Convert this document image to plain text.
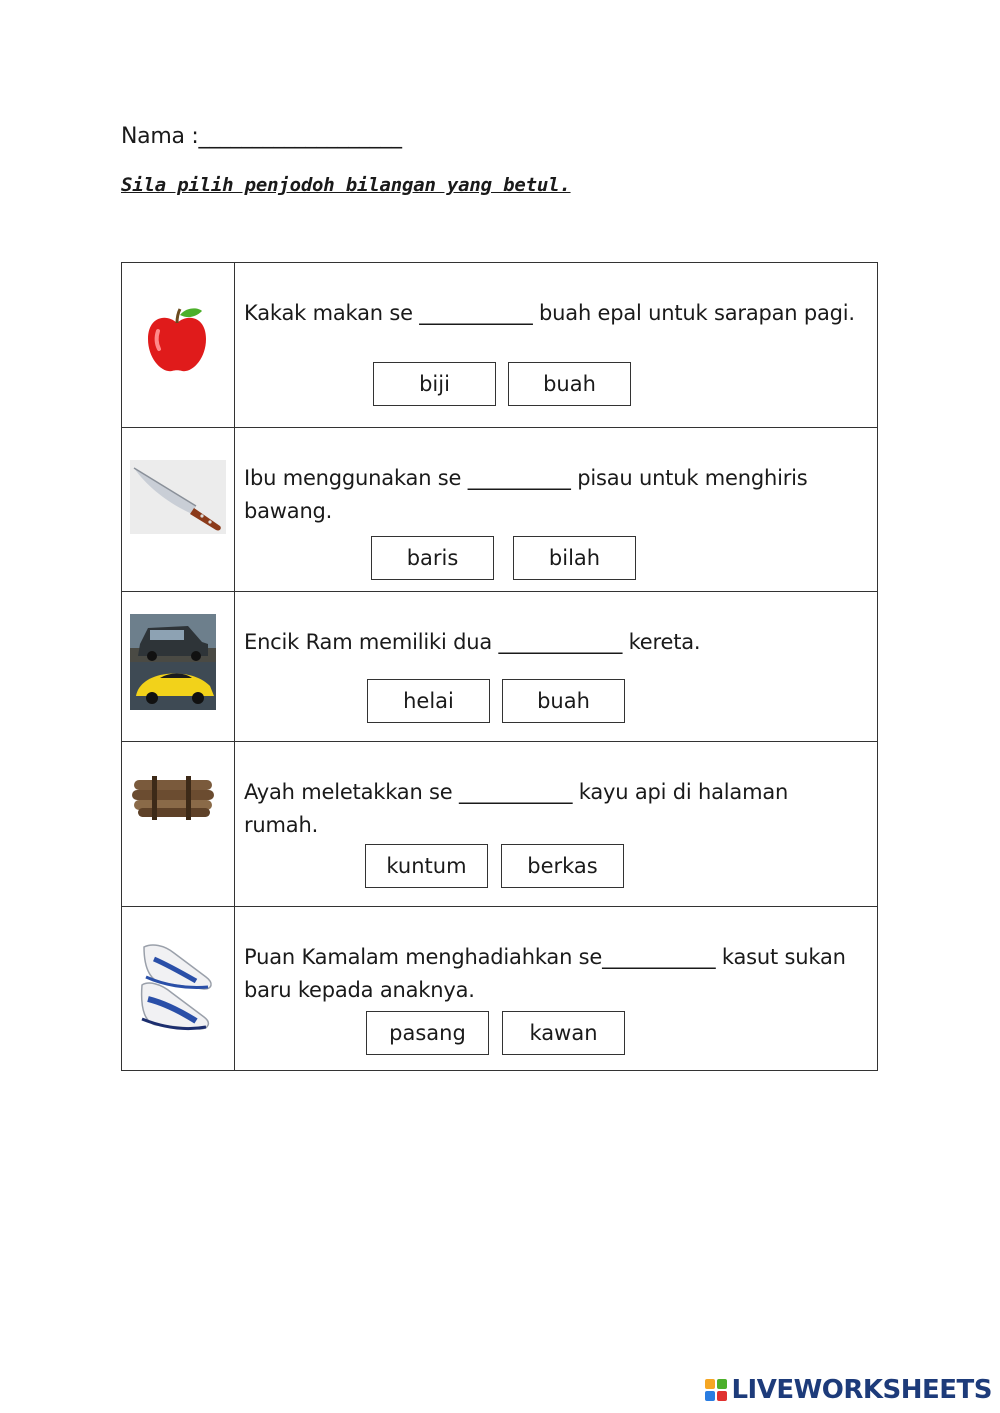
Nama :___________________
Sila pilih penjodoh bilangan yang betul.

Kakak makan se ___________ buah epal untuk sarapan pagi.
biji buah

Ibu menggunakan se __________ pisau untuk menghiris bawang.
baris bilah

Encik Ram memiliki dua ____________ kereta.
helai buah

Ayah meletakkan se ___________ kayu api di halaman rumah.
kuntum berkas

Puan Kamalam menghadiahkan se___________ kasut sukan baru kepada anaknya.
pasang kawan
LIVEWORKSHEETS
